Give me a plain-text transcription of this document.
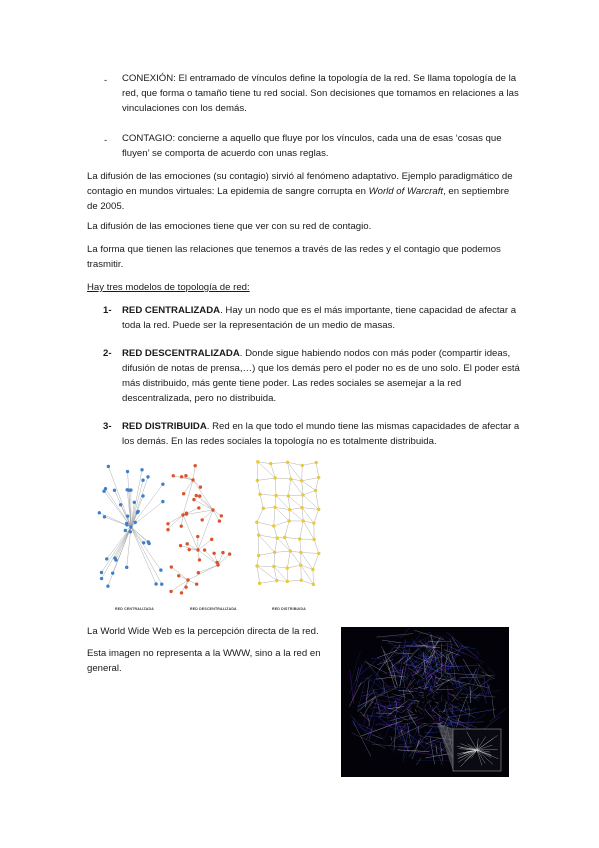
- CONEXIÓN: El entramado de vínculos define la topología de la red. Se llama topología de la red, que forma o tamaño tiene tu red social. Son decisiones que tomamos en relaciones a las vinculaciones con los demás.

- CONTAGIO: concierne a aquello que fluye por los vínculos, cada una de esas ‘cosas que fluyen’ se comporta de acuerdo con unas reglas.

La difusión de las emociones (su contagio) sirvió al fenómeno adaptativo. Ejemplo paradigmático de contagio en mundos virtuales: La epidemia de sangre corrupta en World of Warcraft, en septiembre de 2005.

La difusión de las emociones tiene que ver con su red de contagio.

La forma que tienen las relaciones que tenemos a través de las redes y el contagio que podemos trasmitir.

Hay tres modelos de topología de red:

1- RED CENTRALIZADA. Hay un nodo que es el más importante, tiene capacidad de afectar a toda la red. Puede ser la representación de un medio de masas.

2- RED DESCENTRALIZADA. Donde sigue habiendo nodos con más poder (compartir ideas, difusión de notas de prensa,…) que los demás pero el poder no es de uno solo. El poder está más distribuido, más gente tiene poder. Las redes sociales se asemejar a la red descentralizada, pero no distribuida.

3- RED DISTRIBUIDA. Red en la que todo el mundo tiene las mismas capacidades de afectar a los demás. En las redes sociales la topología no es totalmente distribuida.

RED CENTRALIZADA	RED DESCENTRALIZADA	RED DISTRIBUIDA

La World Wide Web es la percepción directa de la red.

Esta imagen no representa a la WWW, sino a la red en general.
